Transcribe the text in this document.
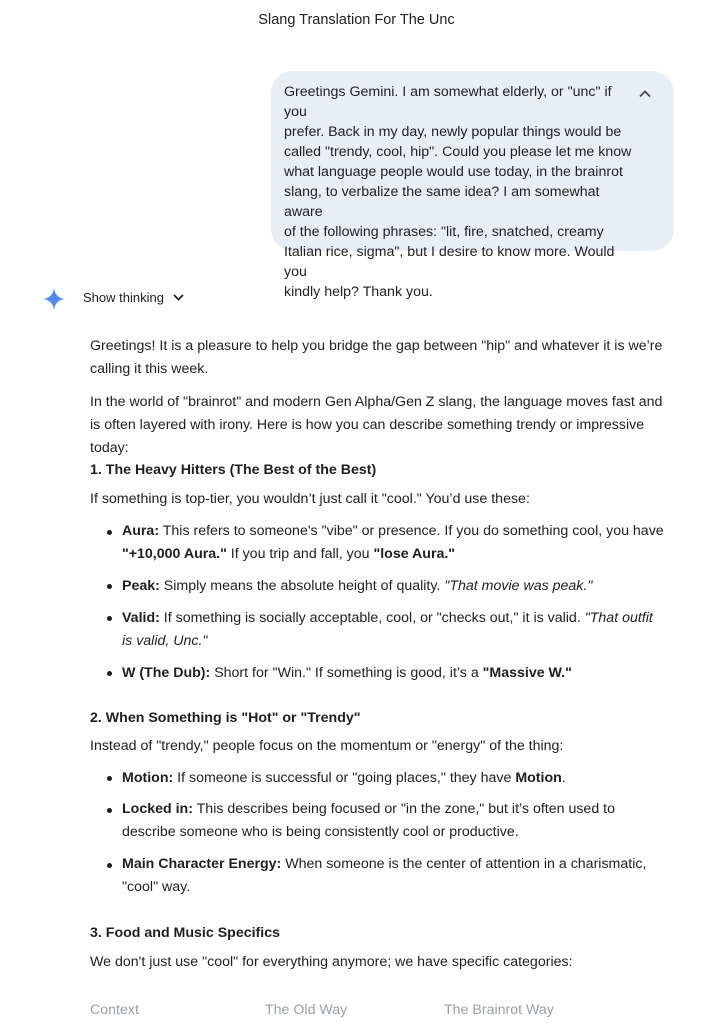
Slang Translation For The Unc
Greetings Gemini. I am somewhat elderly, or "unc" if you
prefer. Back in my day, newly popular things would be
called "trendy, cool, hip". Could you please let me know
what language people would use today, in the brainrot
slang, to verbalize the same idea? I am somewhat aware
of the following phrases: "lit, fire, snatched, creamy
Italian rice, sigma", but I desire to know more. Would you
kindly help? Thank you.
Show thinking
Greetings! It is a pleasure to help you bridge the gap between "hip" and whatever it is we’re calling it this week.
In the world of "brainrot" and modern Gen Alpha/Gen Z slang, the language moves fast and is often layered with irony. Here is how you can describe something trendy or impressive today:
1. The Heavy Hitters (The Best of the Best)
If something is top-tier, you wouldn’t just call it "cool." You’d use these:
Aura: This refers to someone's "vibe" or presence. If you do something cool, you have "+10,000 Aura." If you trip and fall, you "lose Aura."
Peak: Simply means the absolute height of quality. "That movie was peak."
Valid: If something is socially acceptable, cool, or "checks out," it is valid. "That outfit is valid, Unc."
W (The Dub): Short for "Win." If something is good, it’s a "Massive W."
2. When Something is "Hot" or "Trendy"
Instead of "trendy," people focus on the momentum or "energy" of the thing:
Motion: If someone is successful or "going places," they have Motion.
Locked in: This describes being focused or "in the zone," but it’s often used to describe someone who is being consistently cool or productive.
Main Character Energy: When someone is the center of attention in a charismatic, "cool" way.
3. Food and Music Specifics
We don't just use "cool" for everything anymore; we have specific categories:
Context	The Old Way	The Brainrot Way
